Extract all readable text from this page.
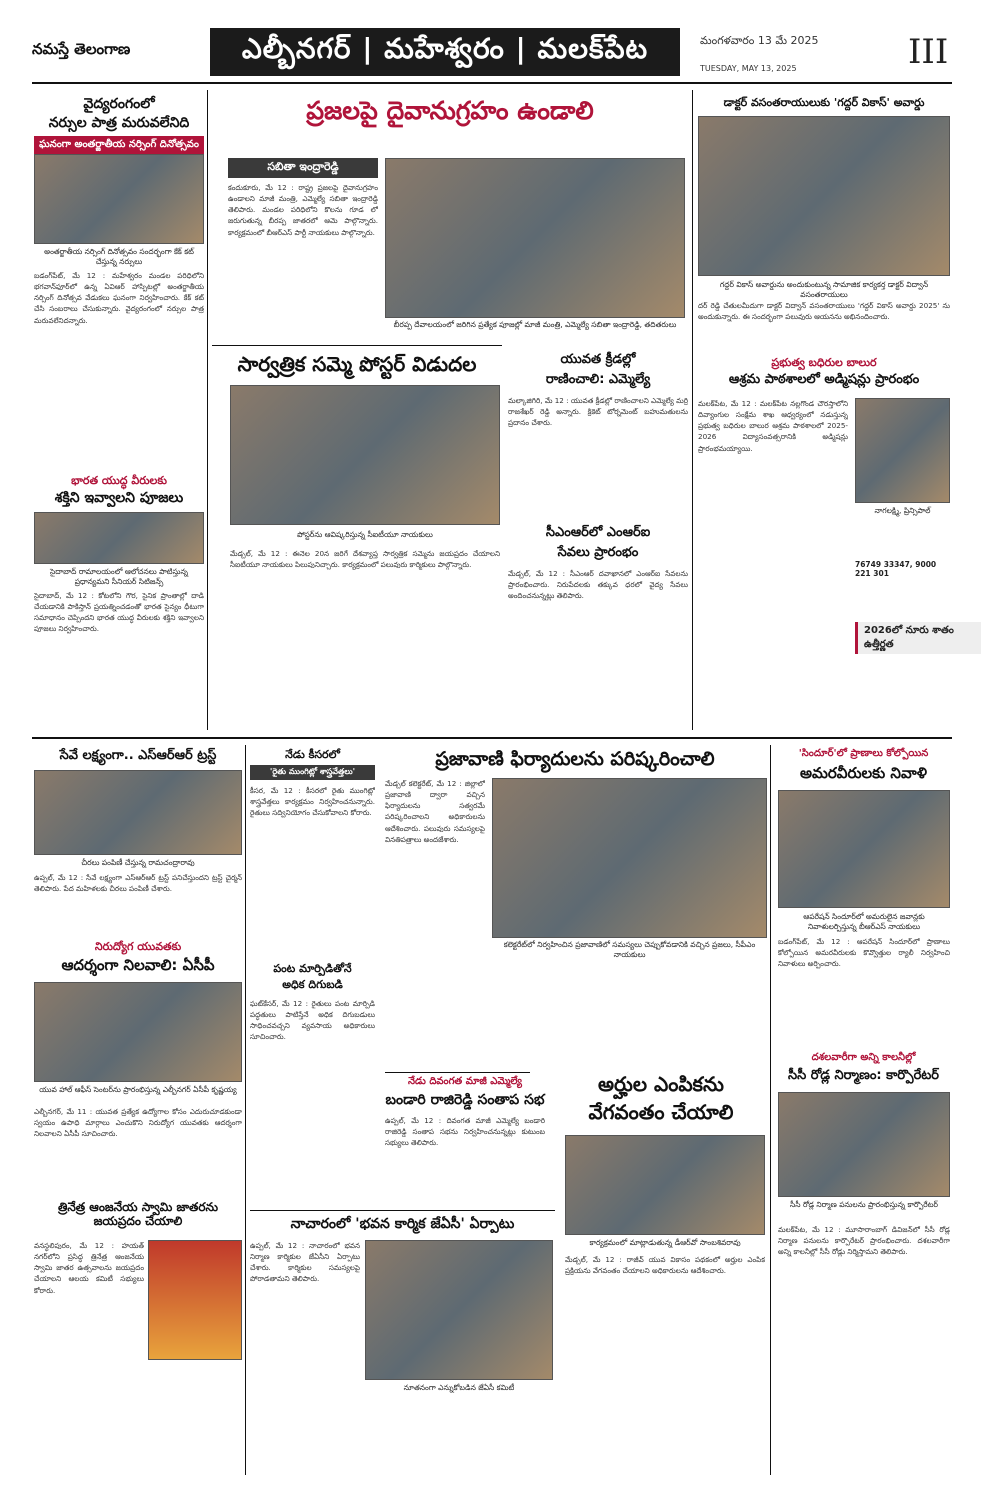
నమస్తే తెలంగాణ	ఎల్బీనగర్ | మహేశ్వరం | మలక్‌పేట	మంగళవారం 13 మే 2025
TUESDAY, MAY 13, 2025	III
వైద్యరంగంలో
నర్సుల పాత్ర మరువలేనిది
ఘనంగా అంతర్జాతీయ నర్సింగ్ దినోత్సవం
అంతర్జాతీయ నర్సింగ్ దినోత్సవం సందర్భంగా కేక్ కట్ చేస్తున్న నర్సులు
బడంగ్‌పేట్, మే 12 : మహేశ్వరం మండల పరిధిలోని భగవాన్‌ఫూర్‌లో ఉన్న ఏవిఆర్ హాస్పిటల్లో అంతర్జాతీయ నర్సింగ్ దినోత్సవ వేడుకలు ఘనంగా నిర్వహించారు. కేక్ కట్ చేసి సంబరాలు చేసుకున్నారు. వైద్యరంగంలో నర్సుల పాత్ర మరువలేనిదన్నారు.
భారత యుద్ధ వీరులకు
శక్తిని ఇవ్వాలని పూజలు
సైదాబాద్ రామాలయంలో ఆలోచనలు పాటిస్తున్న ప్రధాన్యమని సీనియర్ సిటిజన్స్
సైదాబాద్, మే 12 : కోటలోని గౌర, సైనిక ప్రాంతాల్లో దాడి చేయడానికి పాకిస్తాన్ ప్రయత్నించడంతో భారత సైన్యం ధీటుగా సమాధానం చెప్పిందని భారత యుద్ధ వీరులకు శక్తిని ఇవ్వాలని పూజలు నిర్వహించారు.
ప్రజలపై దైవానుగ్రహం ఉండాలి
సబితా ఇంద్రారెడ్డి
కందుకూరు, మే 12 : రాష్ట్ర ప్రజలపై దైవానుగ్రహం ఉండాలని మాజీ మంత్రి, ఎమ్మెల్యే సబితా ఇంద్రారెడ్డి తెలిపారు. మండల పరిధిలోని కొలను గూడ లో జరుగుతున్న బీరప్ప జాతరలో ఆమె పాల్గొన్నారు. కార్యక్రమంలో బీఆర్ఎస్ పార్టీ నాయకులు పాల్గొన్నారు.
బీరప్ప దేవాలయంలో జరిగిన ప్రత్యేక పూజల్లో మాజీ మంత్రి, ఎమ్మెల్యే సబితా ఇంద్రారెడ్డి, తదితరులు
డాక్టర్ వసంతరాయులుకు 'గద్దర్ వికాస్' అవార్డు
గద్దర్ వికాస్ అవార్డును అందుకుంటున్న సామాజిక కార్యకర్త డాక్టర్ విద్వాన్ వసంతరాయులు
దర్ రెడ్డి చేతులమీదుగా డాక్టర్ విద్వాన్ వసంతరాయులు 'గద్దర్ వికాస్ అవార్డు 2025' ను అందుకున్నారు. ఈ సందర్భంగా పలువురు ఆయనను అభినందించారు.
సార్వత్రిక సమ్మె పోస్టర్ విడుదల
పోస్టర్‌ను ఆవిష్కరిస్తున్న సీఐటీయూ నాయకులు
మేడ్చల్, మే 12 : ఈనెల 20న జరిగే దేశవ్యాప్త సార్వత్రిక సమ్మెను జయప్రదం చేయాలని సీఐటీయూ నాయకులు పిలుపునిచ్చారు. కార్యక్రమంలో పలువురు కార్మికులు పాల్గొన్నారు.
యువత క్రీడల్లో
రాణించాలి: ఎమ్మెల్యే
మల్కాజిగిరి, మే 12 : యువత క్రీడల్లో రాణించాలని ఎమ్మెల్యే మర్రి రాజశేఖర్ రెడ్డి అన్నారు. క్రికెట్ టోర్నమెంట్ బహుమతులను ప్రదానం చేశారు.
సీఎంఆర్‌లో ఎంఆర్ఐ
సేవలు ప్రారంభం
మేడ్చల్, మే 12 : సీఎంఆర్ దవాఖానలో ఎంఆర్ఐ సేవలను ప్రారంభించారు. నిరుపేదలకు తక్కువ ధరలో వైద్య సేవలు అందించనున్నట్లు తెలిపారు.
ప్రభుత్వ బధిరుల బాలుర
ఆశ్రమ పాఠశాలలో అడ్మిషన్లు ప్రారంభం
మలక్‌పేట, మే 12 : మలక్‌పేట నల్లగొండ చౌరస్తాలోని దివ్యాంగుల సంక్షేమ శాఖ ఆధ్వర్యంలో నడుస్తున్న ప్రభుత్వ బధిరుల బాలుర ఆశ్రమ పాఠశాలలో 2025-2026 విద్యాసంవత్సరానికి అడ్మిషన్లు ప్రారంభమయ్యాయి.
నాగలక్ష్మి, ప్రిన్సిపాల్
76749 33347, 9000 221 301
2026లో నూరు శాతం ఉత్తీర్ణత
సేవే లక్ష్యంగా.. ఎస్ఆర్ఆర్ ట్రస్ట్
చీరలు పంపిణీ చేస్తున్న రామచంద్రారావు
ఉప్పల్, మే 12 : సేవే లక్ష్యంగా ఎస్ఆర్ఆర్ ట్రస్ట్ పనిచేస్తుందని ట్రస్ట్ చైర్మన్ తెలిపారు. పేద మహిళలకు చీరలు పంపిణీ చేశారు.
నిరుద్యోగ యువతకు
ఆదర్శంగా నిలవాలి: ఏసీపీ
యువ హాల్ ఆఫీస్ సెంటర్‌ను ప్రారంభిస్తున్న ఎల్బీనగర్ ఏసీపీ కృష్ణయ్య
ఎల్బీనగర్, మే 11 : యువత ప్రత్యేక ఉద్యోగాల కోసం ఎదురుచూడకుండా స్వయం ఉపాధి మార్గాలు ఎంచుకొని నిరుద్యోగ యువతకు ఆదర్శంగా నిలవాలని ఏసీపీ సూచించారు.
త్రినేత్ర ఆంజనేయ స్వామి జాతరను జయప్రదం చేయాలి
వనస్థలిపురం, మే 12 : హయత్ నగర్‌లోని ప్రసిద్ధ త్రినేత్ర ఆంజనేయ స్వామి జాతర ఉత్సవాలను జయప్రదం చేయాలని ఆలయ కమిటీ సభ్యులు కోరారు.
నేడు కీసరలో
'రైతు ముంగిట్లో శాస్త్రవేత్తలు'
కీసర, మే 12 : కీసరలో రైతు ముంగిట్లో శాస్త్రవేత్తలు కార్యక్రమం నిర్వహించనున్నారు. రైతులు సద్వినియోగం చేసుకోవాలని కోరారు.
పంట మార్పిడితోనే
అధిక దిగుబడి
ఘట్‌కేసర్, మే 12 : రైతులు పంట మార్పిడి పద్ధతులు పాటిస్తేనే అధిక దిగుబడులు సాధించవచ్చని వ్యవసాయ అధికారులు సూచించారు.
ప్రజావాణి ఫిర్యాదులను పరిష్కరించాలి
మేడ్చల్ కలెక్టరేట్, మే 12 : జిల్లాలో ప్రజావాణి ద్వారా వచ్చిన ఫిర్యాదులను సత్వరమే పరిష్కరించాలని అధికారులను ఆదేశించారు. పలువురు సమస్యలపై వినతిపత్రాలు అందజేశారు.
కలెక్టరేట్‌లో నిర్వహించిన ప్రజావాణిలో సమస్యలు చెప్పుకోవడానికి వచ్చిన ప్రజలు, సీపీఎం నాయకులు
నేడు దివంగత మాజీ ఎమ్మెల్యే
బండారి రాజిరెడ్డి సంతాప సభ
ఉప్పల్, మే 12 : దివంగత మాజీ ఎమ్మెల్యే బండారి రాజిరెడ్డి సంతాప సభను నిర్వహించనున్నట్లు కుటుంబ సభ్యులు తెలిపారు.
అర్హుల ఎంపికను
వేగవంతం చేయాలి
కార్యక్రమంలో మాట్లాడుతున్న డీఆర్‌వో సాంబశివరావు
మేడ్చల్, మే 12 : రాజీవ్ యువ వికాసం పథకంలో అర్హుల ఎంపిక ప్రక్రియను వేగవంతం చేయాలని అధికారులను ఆదేశించారు.
నాచారంలో 'భవన కార్మిక జేఏసీ' ఏర్పాటు
ఉప్పల్, మే 12 : నాచారంలో భవన నిర్మాణ కార్మికుల జేఏసీని ఏర్పాటు చేశారు. కార్మికుల సమస్యలపై పోరాడతామని తెలిపారు.
నూతనంగా ఎన్నుకోబడిన జేఏసీ కమిటీ
'సిందూర్'లో ప్రాణాలు కోల్పోయిన
అమరవీరులకు నివాళి
ఆపరేషన్ సిందూర్‌లో అమరులైన జవాన్లకు నివాళులర్పిస్తున్న బీఆర్ఎస్ నాయకులు
బడంగ్‌పేట్, మే 12 : ఆపరేషన్ సిందూర్‌లో ప్రాణాలు కోల్పోయిన అమరవీరులకు కొవ్వొత్తుల ర్యాలీ నిర్వహించి నివాళులు అర్పించారు.
దశలవారీగా అన్ని కాలనీల్లో
సీసీ రోడ్ల నిర్మాణం: కార్పొరేటర్
సీసీ రోడ్ల నిర్మాణ పనులను ప్రారంభిస్తున్న కార్పొరేటర్
మలక్‌పేట, మే 12 : మూసారాంబాగ్ డివిజన్‌లో సీసీ రోడ్ల నిర్మాణ పనులను కార్పొరేటర్ ప్రారంభించారు. దశలవారీగా అన్ని కాలనీల్లో సీసీ రోడ్లు నిర్మిస్తామని తెలిపారు.
